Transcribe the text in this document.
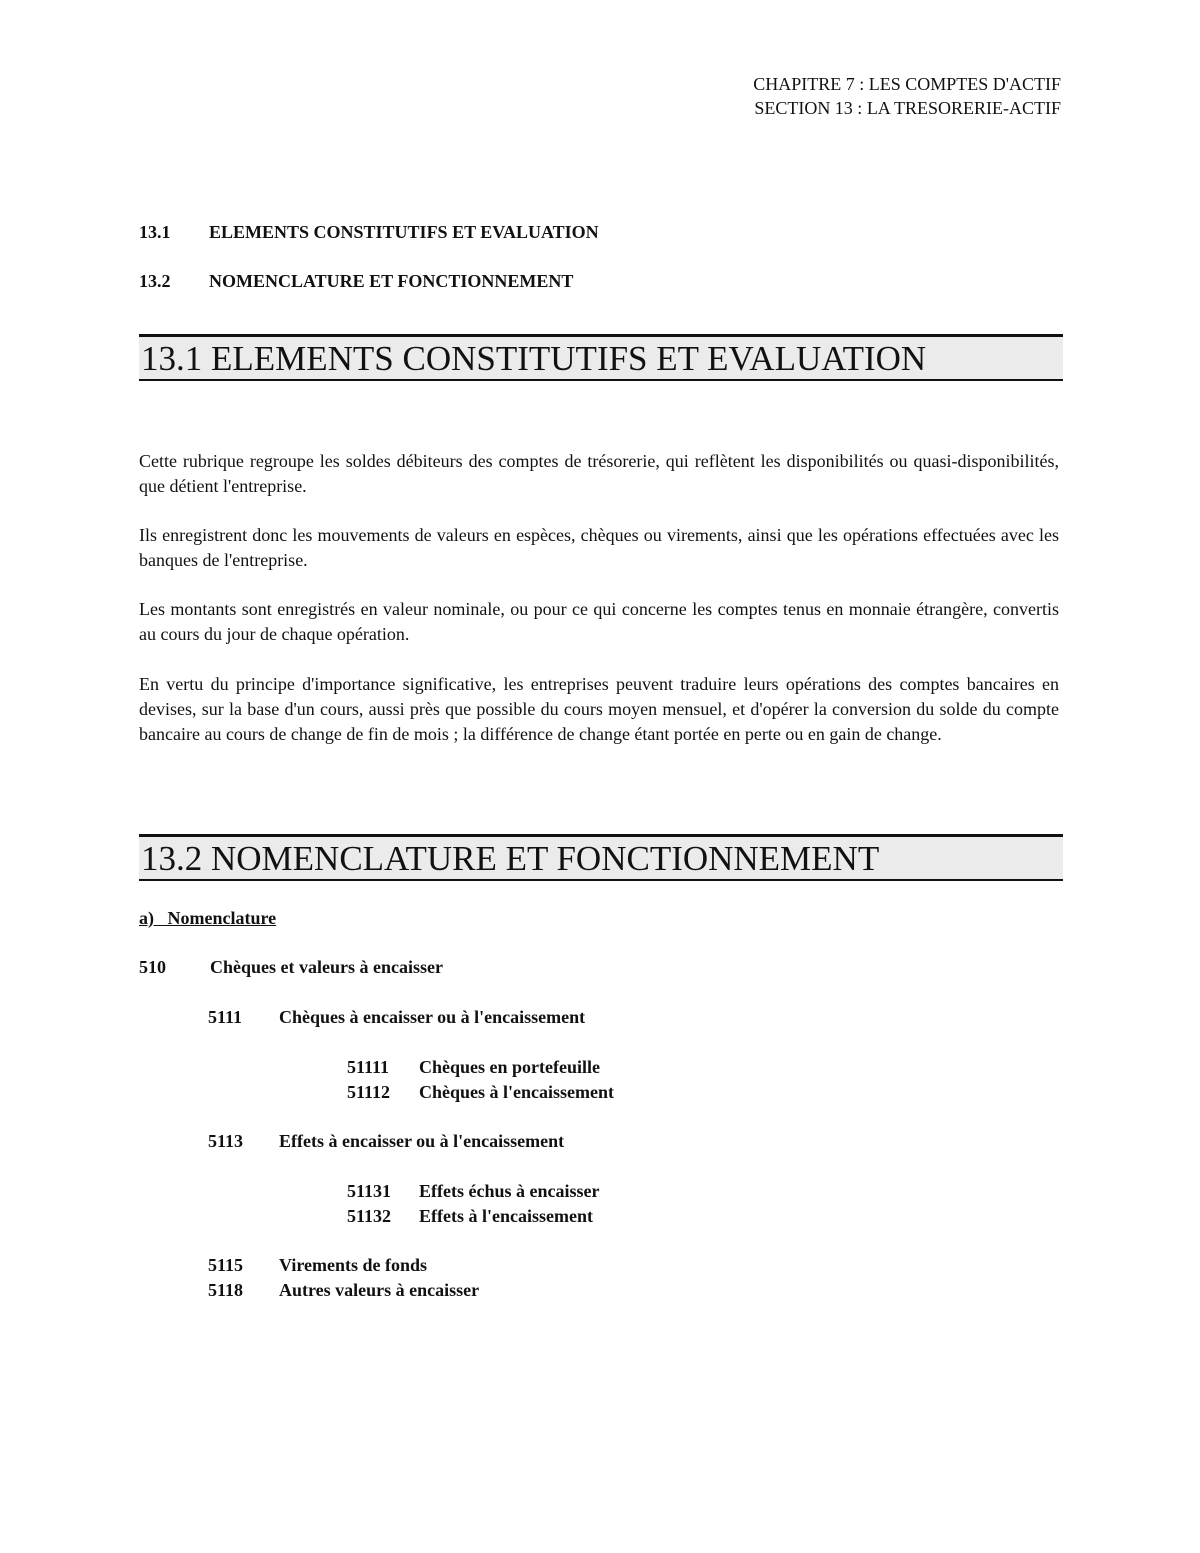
CHAPITRE 7 : LES COMPTES D'ACTIF
SECTION 13 : LA TRESORERIE-ACTIF
13.1 ELEMENTS CONSTITUTIFS ET EVALUATION
13.2 NOMENCLATURE ET FONCTIONNEMENT
13.1 ELEMENTS CONSTITUTIFS ET EVALUATION

Cette rubrique regroupe les soldes débiteurs des comptes de trésorerie, qui reflètent les disponibilités ou quasi-disponibilités, que détient l'entreprise.

Ils enregistrent donc les mouvements de valeurs en espèces, chèques ou virements, ainsi que les opérations effectuées avec les banques de l'entreprise.

Les montants sont enregistrés en valeur nominale, ou pour ce qui concerne les comptes tenus en monnaie étrangère, convertis au cours du jour de chaque opération.

En vertu du principe d'importance significative, les entreprises peuvent traduire leurs opérations des comptes bancaires en devises, sur la base d'un cours, aussi près que possible du cours moyen mensuel, et d'opérer la conversion du solde du compte bancaire au cours de change de fin de mois ; la différence de change étant portée en perte ou en gain de change.

13.2 NOMENCLATURE ET FONCTIONNEMENT
a)   Nomenclature
510 Chèques et valeurs à encaisser
5111 Chèques à encaisser ou à l'encaissement
51111 Chèques en portefeuille
51112 Chèques à l'encaissement
5113 Effets à encaisser ou à l'encaissement
51131 Effets échus à encaisser
51132 Effets à l'encaissement
5115 Virements de fonds
5118 Autres valeurs à encaisser
